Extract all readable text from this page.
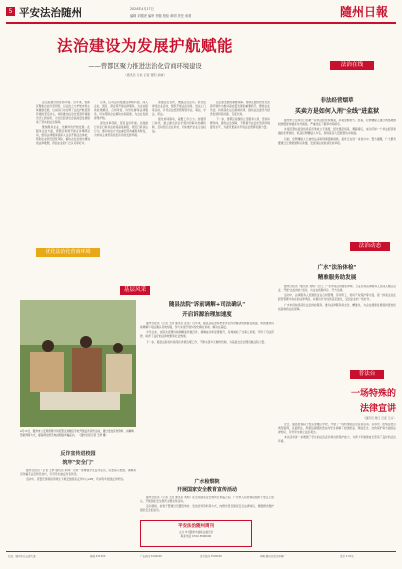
5 平安法治随州	2024年4月17日
编辑 刘德虎 编审 李继 校检 黄明 责任 何莉	隨州日報
法治建设为发展护航赋能
——曾都区聚力推进法治化营商环境建设
（通讯员 万松 记者 曾阳 余晓）

法治是最好的营商环境。近年来，曾都区聚焦企业所需所盼，以法治之力护航市场主体健康发展，以实际行动诠释了法治护航营商环境的坚定决心，持续推动法治化营商环境建设迈上新台阶，为全区经济社会高质量发展提供了坚实的法治保障。

聚焦服务企业，化解纠纷护航发展。在服务企业方面，曾都区积极开展走访调研活动，组织法律服务团深入企业开展法治体检，帮助企业防范经营风险，解决企业发展中遇到的法律难题，得到企业的广泛认可和好评。

以来，区司法局组建法律顾问团，深入企业、园区、商会等开展法律服务，为企业提供政策解读、合同审查、纠纷化解等法律服务，切实帮助企业解决实际困难，为企业发展保驾护航。

深化改革创新，营造良好环境。全面推行涉企行政执法检查备案制度，规范行政执法行为，推动执法方式由重处罚向重服务转变，为市场主体营造宽松有序的发展环境。

加强法治宣传，增强法治意识。依托法律进企业活动，组织开展法治讲座、送法上门等活动，引导企业经营管理者学法、尊法、守法、用法。

强化协同联动，凝聚工作合力。加强部门协作，建立健全涉企矛盾纠纷联动化解机制，及时回应企业诉求，切实维护企业合法权益。

法治是发展的重要保障。曾都区始终把优化营商环境作为推动高质量发展的重要抓手，聚焦企业所需，持续深化法治领域改革，推动法治建设与经济发展同频共振、互促共进。

下一步，曾都区将继续立足服务大局，坚持问题导向，强化法治保障，不断提升法治化营商环境建设水平，为建设更高水平的法治曾都贡献力量。

优化法治化营商环境
法治在线
非法经营烟草
买卖方是如何入刑"全线"进监狱

随州市公安局近日侦破一起非法经营卷烟案，涉案金额较大。经查，犯罪嫌疑人通过网络渠道收购假冒卷烟并对外销售，严重扰乱了烟草市场秩序。

办案民警在接到线索后迅速成立专案组，经过缜密侦查，顺藤摸瓜，成功打掉一个非法经营卷烟的犯罪团伙，抓获犯罪嫌疑人多名，现场查获大量假冒伪劣卷烟。

目前，犯罪嫌疑人已被依法采取刑事强制措施，案件正在进一步侦办中。警方提醒，广大群众要通过正规渠道购买卷烟，发现违法线索请及时举报。

法治动态
广水"法治体检"
精准服务助发展

随州日报讯（通讯员 刘明）近日，广水市司法局组织律师、公证员等法律服务人员深入辖区企业，开展"法治体检"活动，为企业把脉问诊、开方治病。

活动中，法律服务人员围绕企业合同管理、劳动用工、知识产权保护等方面，逐一排查企业在经营管理中存在的法律风险，并提出针对性的意见建议，受到企业的一致好评。

广水市将持续深化法治体检服务，推动法律服务常态化、精准化，为企业健康发展提供更加优质高效的法治保障。

普法台
一场特殊的
法律宣讲
（通讯员 周红 记者 王兴）

近日，随县检察院干警走进辖区学校，开展了一场特殊的法治宣讲活动。宣讲中，检察官结合典型案例，以案释法，用通俗易懂的语言向学生讲解了校园欺凌、网络安全、自我保护等方面的法律知识，引导学生树立法治观念。

本次活动进一步增强了学生的法治意识和自我保护能力，为青少年健康成长营造了良好的法治环境。

随县法院"诉前调解+司法确认"
开启诉源治理加速度

随州日报讯（记者 王伟 通讯员 张涛）近年来，随县法院坚持把非诉讼纠纷解决机制挺在前面，积极推进诉前调解与司法确认有效衔接，努力实现矛盾纠纷化解在诉前、解决在基层。

今年以来，该院共受理诉前调解案件数百件，调解成功率显著提升，有效减轻了当事人诉累，节约了司法资源，取得了良好的法律效果和社会效果。

下一步，随县法院将持续深化诉源治理工作，不断完善多元解纷机制，为基层社会治理贡献法院力量。

基层风采
4月15日，随州市公安局曾都分局民警走进辖区学校开展反诈宣传活动，通过发放宣传资料、讲解典型案例等方式，提高师生防范电信网络诈骗意识。 （随州日报记者 王梦 摄）
反诈宣传进校园
筑牢"安全门"

随州日报讯（记者 王梦 通讯员 李林）为进一步增强学生反诈意识，民警深入校园，讲解常见诈骗手法及防范技巧，引导学生做反诈宣传员。

活动中，民警还现场指导师生下载安装国家反诈中心APP，切实筑牢校园反诈防线。	广水检察院
开展国家安全教育宣传活动

随州日报讯（记者 王进 通讯员 刘明）在全民国家安全教育日来临之际，广水市人民检察院组织干警走上街头，开展国家安全教育主题宣传活动。

活动现场，检察干警通过设置咨询台、发放宣传资料等方式，向群众普及国家安全法律知识，增强群众维护国家安全的意识。

平安法治随州周刊
主办 中共随州市委政法委员会
联系电话 0722-3590000
社址：随州市白云湖大道	邮编 441300	广告热线 3290000	发行热线 3590000	印刷 随州日报社印刷厂	定价 1.50元
